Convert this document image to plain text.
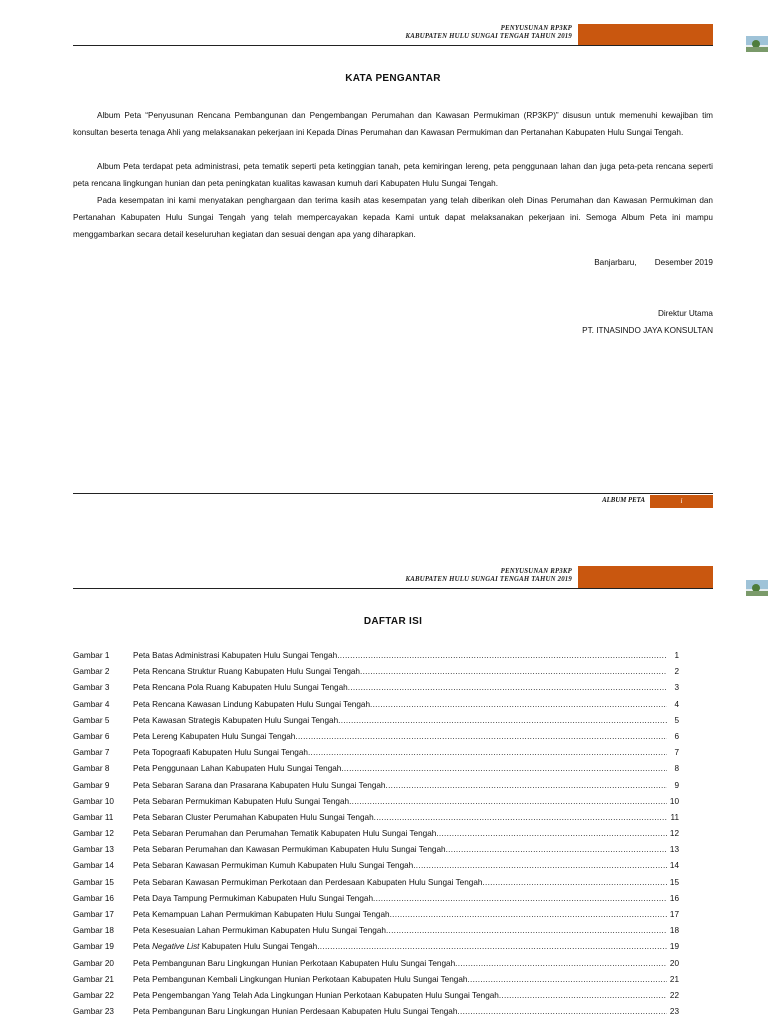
PENYUSUNAN RP3KP
KABUPATEN HULU SUNGAI TENGAH TAHUN 2019
KATA PENGANTAR

Album Peta “Penyusunan Rencana Pembangunan dan Pengembangan Perumahan dan Kawasan Permukiman (RP3KP)” disusun untuk memenuhi kewajiban tim konsultan beserta tenaga Ahli yang melaksanakan pekerjaan ini Kepada Dinas Perumahan dan Kawasan Permukiman dan Pertanahan Kabupaten Hulu Sungai Tengah.

Album Peta terdapat peta administrasi, peta tematik seperti peta ketinggian tanah, peta kemiringan lereng, peta penggunaan lahan dan juga peta-peta rencana seperti peta rencana lingkungan hunian dan peta peningkatan kualitas kawasan kumuh dari Kabupaten Hulu Sungai Tengah.

Pada kesempatan ini kami menyatakan penghargaan dan terima kasih atas kesempatan yang telah diberikan oleh Dinas Perumahan dan Kawasan Permukiman dan Pertanahan Kabupaten Hulu Sungai Tengah yang telah mempercayakan kepada Kami untuk dapat melaksanakan pekerjaan ini. Semoga Album Peta ini mampu menggambarkan secara detail keseluruhan kegiatan dan sesuai dengan apa yang diharapkan.

Banjarbaru, Desember 2019
Direktur Utama
PT. ITNASINDO JAYA KONSULTAN
ALBUM PETA	i
PENYUSUNAN RP3KP
KABUPATEN HULU SUNGAI TENGAH TAHUN 2019
DAFTAR ISI
Gambar 1	Peta Batas Administrasi Kabupaten Hulu Sungai Tengah .....	1
Gambar 2	Peta Rencana Struktur Ruang Kabupaten Hulu Sungai Tengah .....	2
Gambar 3	Peta Rencana Pola Ruang Kabupaten Hulu Sungai Tengah .....	3
Gambar 4	Peta Rencana Kawasan Lindung Kabupaten Hulu Sungai Tengah .....	4
Gambar 5	Peta Kawasan Strategis Kabupaten Hulu Sungai Tengah .....	5
Gambar 6	Peta Lereng Kabupaten Hulu Sungai Tengah .....	6
Gambar 7	Peta Topograafi Kabupaten Hulu Sungai Tengah .....	7
Gambar 8	Peta Penggunaan Lahan Kabupaten Hulu Sungai Tengah .....	8
Gambar 9	Peta Sebaran Sarana dan Prasarana Kabupaten Hulu Sungai Tengah .....	9
Gambar 10	Peta Sebaran Permukiman Kabupaten Hulu Sungai Tengah .....	10
Gambar 11	Peta Sebaran Cluster Perumahan Kabupaten Hulu Sungai Tengah .....	11
Gambar 12	Peta Sebaran Perumahan dan Perumahan Tematik Kabupaten Hulu Sungai Tengah .....	12
Gambar 13	Peta Sebaran Perumahan dan Kawasan Permukiman Kabupaten Hulu Sungai Tengah .....	13
Gambar 14	Peta Sebaran Kawasan Permukiman Kumuh Kabupaten Hulu Sungai Tengah .....	14
Gambar 15	Peta Sebaran Kawasan Permukiman Perkotaan dan Perdesaan Kabupaten Hulu Sungai Tengah .....	15
Gambar 16	Peta Daya Tampung Permukiman Kabupaten Hulu Sungai Tengah .....	16
Gambar 17	Peta Kemampuan Lahan Permukiman Kabupaten Hulu Sungai Tengah .....	17
Gambar 18	Peta Kesesuaian Lahan Permukiman Kabupaten Hulu Sungai Tengah .....	18
Gambar 19	Peta Negative List Kabupaten Hulu Sungai Tengah .....	19
Gambar 20	Peta Pembangunan Baru Lingkungan Hunian Perkotaan Kabupaten Hulu Sungai Tengah .....	20
Gambar 21	Peta Pembangunan Kembali Lingkungan Hunian Perkotaan Kabupaten Hulu Sungai Tengah .....	21
Gambar 22	Peta Pengembangan Yang Telah Ada Lingkungan Hunian Perkotaan Kabupaten Hulu Sungai Tengah .....	22
Gambar 23	Peta Pembangunan Baru Lingkungan Hunian Perdesaan Kabupaten Hulu Sungai Tengah .....	23
